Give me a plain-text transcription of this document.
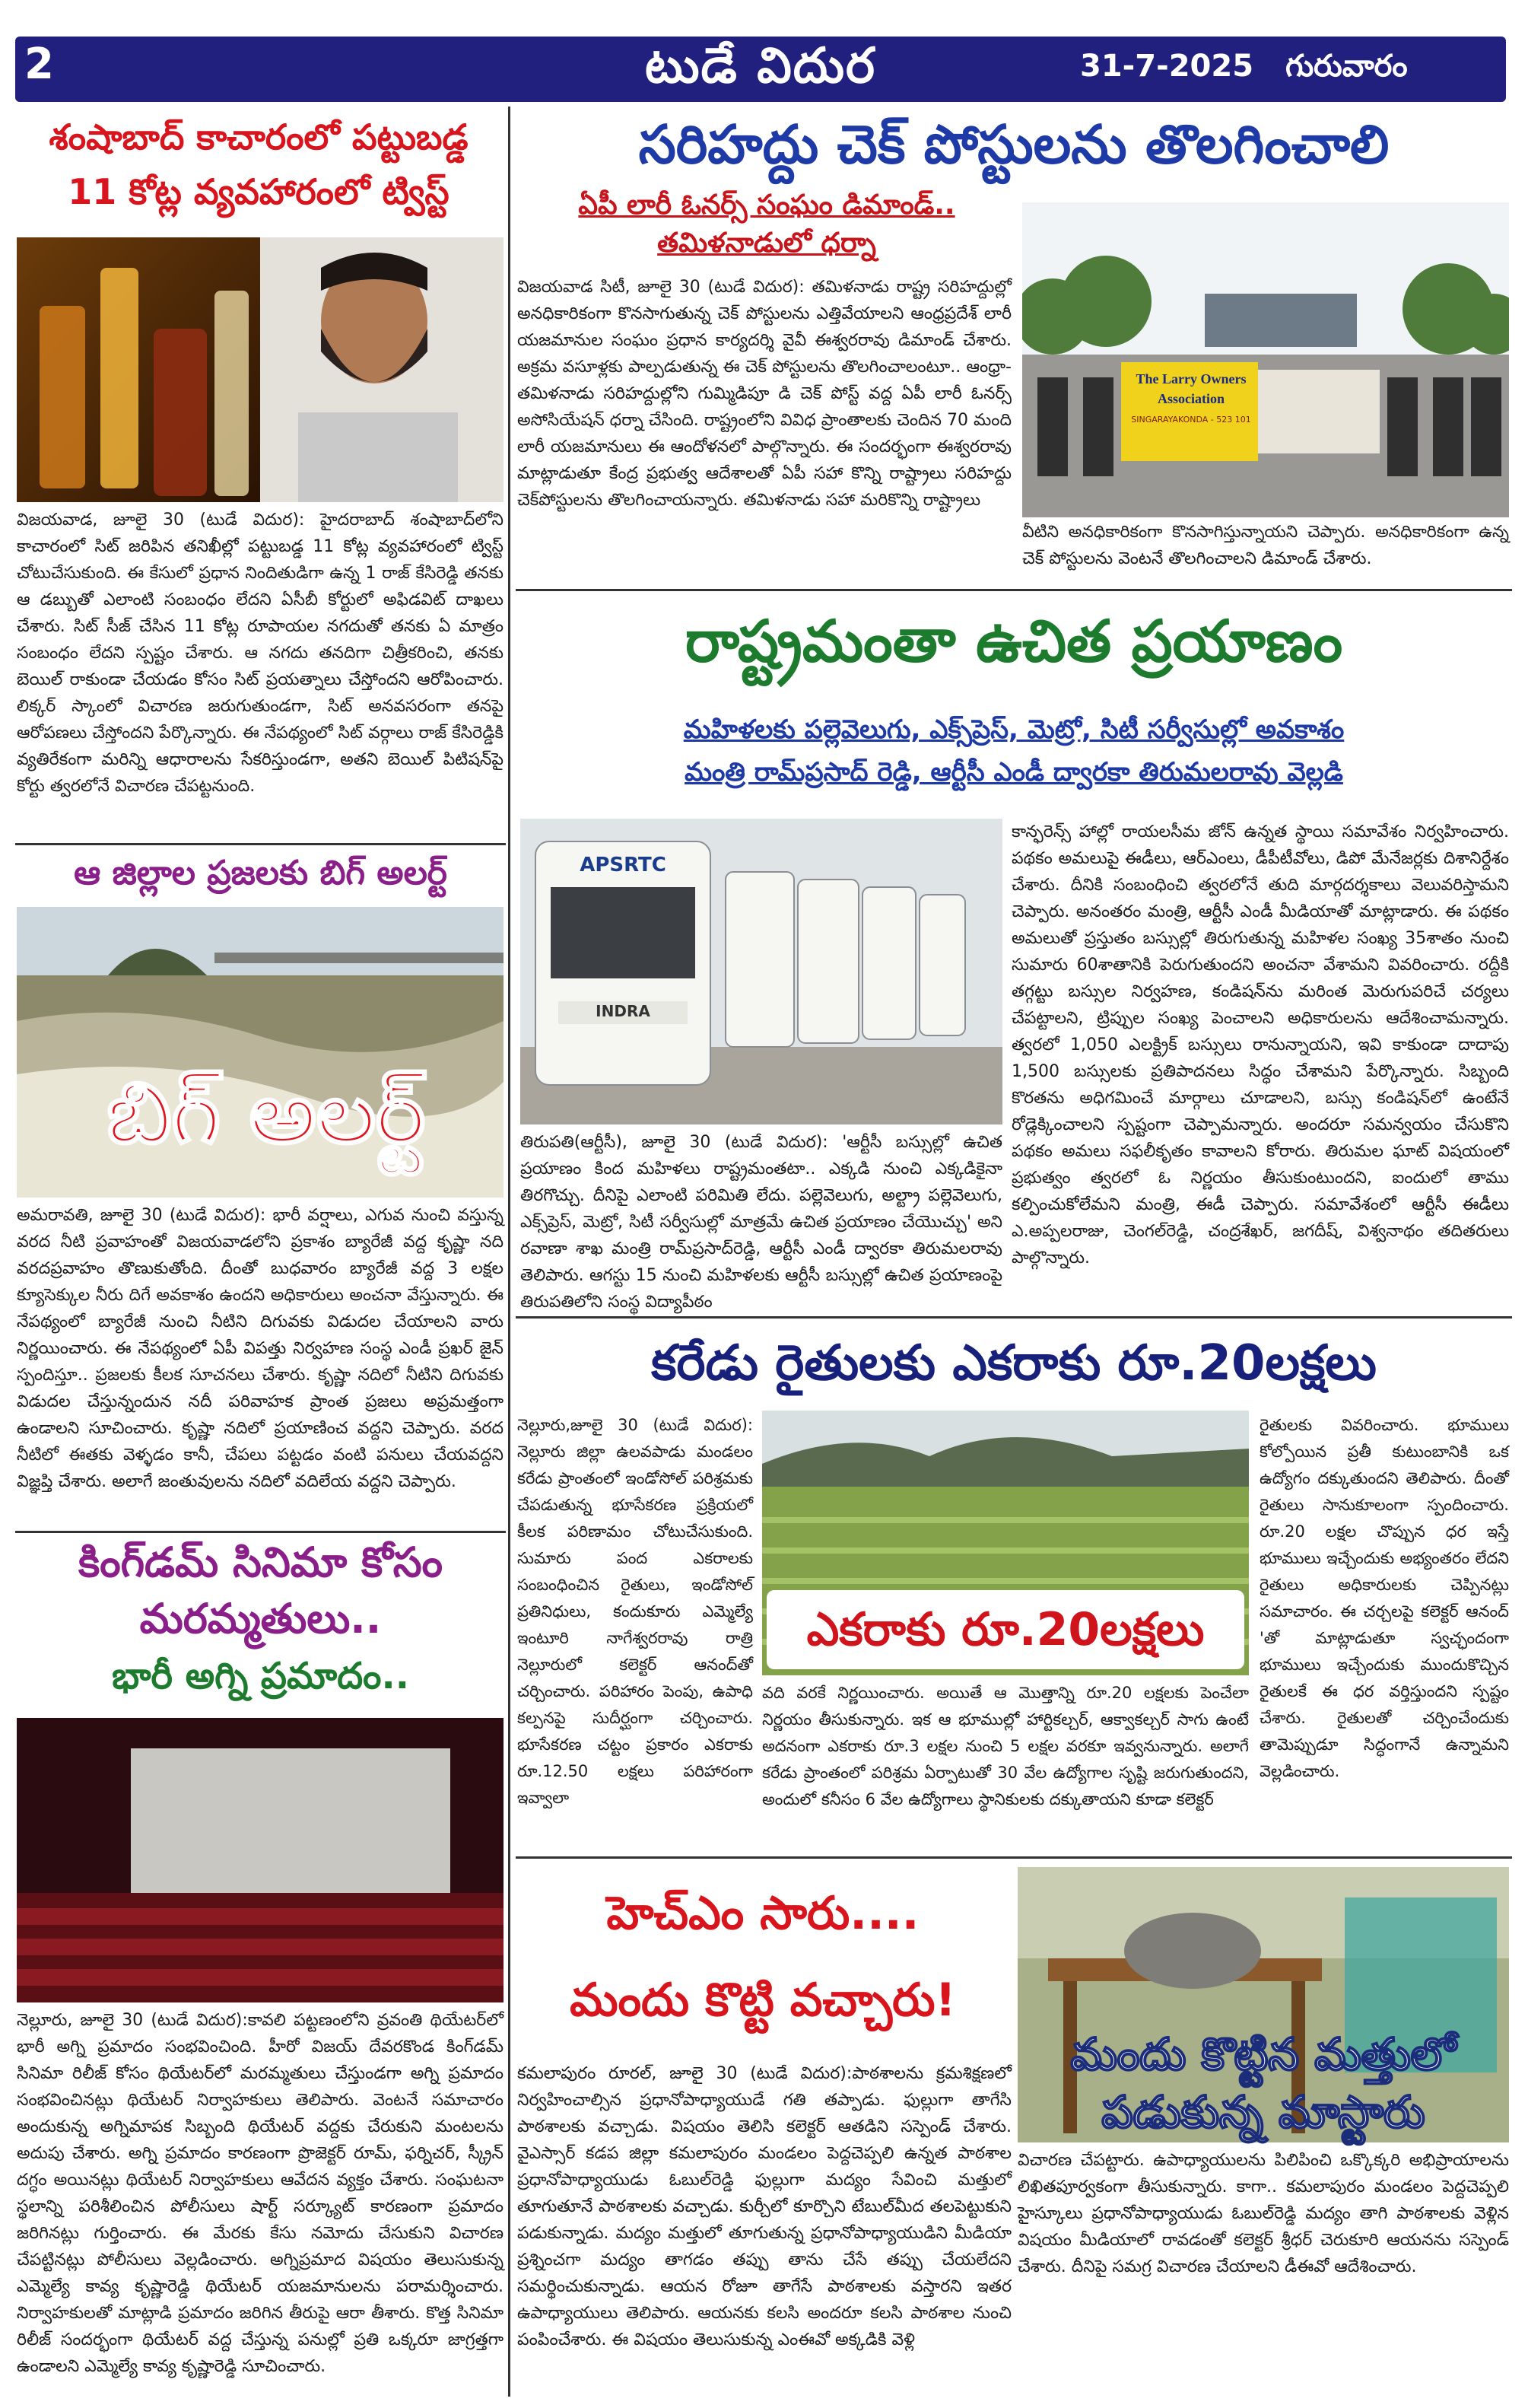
2	టుడే విదుర	31-7-2025 గురువారం
శంషాబాద్ కాచారంలో పట్టుబడ్డ
11 కోట్ల వ్యవహారంలో ట్విస్ట్
విజయవాడ, జూలై 30 (టుడే విదుర): హైదరాబాద్ శంషాబాద్‌లోని కాచారంలో సిట్ జరిపిన తనిఖీల్లో పట్టుబడ్డ 11 కోట్ల వ్యవహారంలో ట్విస్ట్ చోటుచేసుకుంది. ఈ కేసులో ప్రధాన నిందితుడిగా ఉన్న 1 రాజ్ కేసిరెడ్డి తనకు ఆ డబ్బుతో ఎలాంటి సంబంధం లేదని ఏసీబీ కోర్టులో అఫిడవిట్ దాఖలు చేశారు. సిట్ సీజ్ చేసిన 11 కోట్ల రూపాయల నగదుతో తనకు ఏ మాత్రం సంబంధం లేదని స్పష్టం చేశారు. ఆ నగదు తనదిగా చిత్రీకరించి, తనకు బెయిల్ రాకుండా చేయడం కోసం సిట్ ప్రయత్నాలు చేస్తోందని ఆరోపించారు. లిక్కర్ స్కాంలో విచారణ జరుగుతుండగా, సిట్ అనవసరంగా తనపై ఆరోపణలు చేస్తోందని పేర్కొన్నారు. ఈ నేపథ్యంలో సిట్ వర్గాలు రాజ్ కేసిరెడ్డికి వ్యతిరేకంగా మరిన్ని ఆధారాలను సేకరిస్తుండగా, అతని బెయిల్ పిటిషన్‌పై కోర్టు త్వరలోనే విచారణ చేపట్టనుంది.
ఆ జిల్లాల ప్రజలకు బిగ్ అలర్ట్
బిగ్ అలర్ట్
అమరావతి, జూలై 30 (టుడే విదుర): భారీ వర్షాలు, ఎగువ నుంచి వస్తున్న వరద నీటి ప్రవాహంతో విజయవాడలోని ప్రకాశం బ్యారేజీ వద్ద కృష్ణా నది వరదప్రవాహం తొణుకుతోంది. దీంతో బుధవారం బ్యారేజీ వద్ద 3 లక్షల క్యూసెక్కుల నీరు దిగే అవకాశం ఉందని అధికారులు అంచనా వేస్తున్నారు. ఈ నేపథ్యంలో బ్యారేజీ నుంచి నీటిని దిగువకు విడుదల చేయాలని వారు నిర్ణయించారు. ఈ నేపథ్యంలో ఏపీ విపత్తు నిర్వహణ సంస్థ ఎండీ ప్రఖర్ జైన్ స్పందిస్తూ.. ప్రజలకు కీలక సూచనలు చేశారు. కృష్ణా నదిలో నీటిని దిగువకు విడుదల చేస్తున్నందున నదీ పరివాహక ప్రాంత ప్రజలు అప్రమత్తంగా ఉండాలని సూచించారు. కృష్ణా నదిలో ప్రయాణించ వద్దని చెప్పారు. వరద నీటిలో ఈతకు వెళ్ళడం కానీ, చేపలు పట్టడం వంటి పనులు చేయవద్దని విజ్ఞప్తి చేశారు. అలాగే జంతువులను నదిలో వదిలేయ వద్దని చెప్పారు.
కింగ్‌డమ్ సినిమా కోసం
మరమ్మతులు..
భారీ అగ్ని ప్రమాదం..
నెల్లూరు, జూలై 30 (టుడే విదుర):కావలి పట్టణంలోని వ్రవంతి థియేటర్‌లో భారీ అగ్ని ప్రమాదం సంభవించింది. హీరో విజయ్ దేవరకొండ కింగ్‌డమ్ సినిమా రిలీజ్ కోసం థియేటర్‌లో మరమ్మతులు చేస్తుండగా అగ్ని ప్రమాదం సంభవించినట్లు థియేటర్ నిర్వాహకులు తెలిపారు. వెంటనే సమాచారం అందుకున్న అగ్నిమాపక సిబ్బంది థియేటర్ వద్దకు చేరుకుని మంటలను అదుపు చేశారు. అగ్ని ప్రమాదం కారణంగా ప్రొజెక్టర్ రూమ్, ఫర్నిచర్, స్క్రీన్ దగ్ధం అయినట్లు థియేటర్ నిర్వాహకులు ఆవేదన వ్యక్తం చేశారు. సంఘటనా స్థలాన్ని పరిశీలించిన పోలీసులు షార్ట్ సర్క్యూట్ కారణంగా ప్రమాదం జరిగినట్లు గుర్తించారు. ఈ మేరకు కేసు నమోదు చేసుకుని విచారణ చేపట్టినట్లు పోలీసులు వెల్లడించారు. అగ్నిప్రమాద విషయం తెలుసుకున్న ఎమ్మెల్యే కావ్య కృష్ణారెడ్డి థియేటర్ యజమానులను పరామర్శించారు. నిర్వాహకులతో మాట్లాడి ప్రమాదం జరిగిన తీరుపై ఆరా తీశారు. కొత్త సినిమా రిలీజ్ సందర్భంగా థియేటర్ వద్ద చేస్తున్న పనుల్లో ప్రతి ఒక్కరూ జాగ్రత్తగా ఉండాలని ఎమ్మెల్యే కావ్య కృష్ణారెడ్డి సూచించారు.
సరిహద్దు చెక్ పోస్టులను తొలగించాలి
ఏపీ లారీ ఓనర్స్ సంఘం డిమాండ్..
తమిళనాడులో ధర్నా
విజయవాడ సిటీ, జూలై 30 (టుడే విదుర): తమిళనాడు రాష్ట్ర సరిహద్దుల్లో అనధికారికంగా కొనసాగుతున్న చెక్ పోస్టులను ఎత్తివేయాలని ఆంధ్రప్రదేశ్ లారీ యజమానుల సంఘం ప్రధాన కార్యదర్శి వైవీ ఈశ్వరరావు డిమాండ్ చేశారు. అక్రమ వసూళ్లకు పాల్పడుతున్న ఈ చెక్ పోస్టులను తొలగించాలంటూ.. ఆంధ్రా-తమిళనాడు సరిహద్దుల్లోని గుమ్మిడిపూ డి చెక్ పోస్ట్ వద్ద ఏపీ లారీ ఓనర్స్ అసోసియేషన్ ధర్నా చేసింది. రాష్ట్రంలోని వివిధ ప్రాంతాలకు చెందిన 70 మంది లారీ యజమానులు ఈ ఆందోళనలో పాల్గొన్నారు. ఈ సందర్భంగా ఈశ్వరరావు మాట్లాడుతూ కేంద్ర ప్రభుత్వ ఆదేశాలతో ఏపీ సహా కొన్ని రాష్ట్రాలు సరిహద్దు చెక్‌పోస్టులను తొలగించాయన్నారు. తమిళనాడు సహా మరికొన్ని రాష్ట్రాలు
The Larry Owners
Association
SINGARAYAKONDA - 523 101
వీటిని అనధికారికంగా కొనసాగిస్తున్నాయని చెప్పారు. అనధికారికంగా ఉన్న చెక్ పోస్టులను వెంటనే తొలగించాలని డిమాండ్ చేశారు.
రాష్ట్రమంతా ఉచిత ప్రయాణం
మహిళలకు పల్లెవెలుగు, ఎక్స్‌ప్రెస్, మెట్రో, సిటీ సర్వీసుల్లో అవకాశం
మంత్రి రామ్‌ప్రసాద్ రెడ్డి, ఆర్టీసీ ఎండీ ద్వారకా తిరుమలరావు వెల్లడి
APSRTC
INDRA
తిరుపతి(ఆర్టీసీ), జూలై 30 (టుడే విదుర): 'ఆర్టీసీ బస్సుల్లో ఉచిత ప్రయాణం కింద మహిళలు రాష్ట్రమంతటా.. ఎక్కడి నుంచి ఎక్కడికైనా తిరగొచ్చు. దీనిపై ఎలాంటి పరిమితి లేదు. పల్లెవెలుగు, అల్ట్రా పల్లెవెలుగు, ఎక్స్‌ప్రెస్, మెట్రో, సిటీ సర్వీసుల్లో మాత్రమే ఉచిత ప్రయాణం చేయొచ్చు' అని రవాణా శాఖ మంత్రి రామ్‌ప్రసాద్‌రెడ్డి, ఆర్టీసీ ఎండీ ద్వారకా తిరుమలరావు తెలిపారు. ఆగస్టు 15 నుంచి మహిళలకు ఆర్టీసీ బస్సుల్లో ఉచిత ప్రయాణంపై తిరుపతిలోని సంస్థ విద్యాపీఠం
కాన్ఫరెన్స్ హాల్లో రాయలసీమ జోన్ ఉన్నత స్థాయి సమావేశం నిర్వహించారు. పథకం అమలుపై ఈడీలు, ఆర్ఎంలు, డీపీటీవోలు, డిపో మేనేజర్లకు దిశానిర్దేశం చేశారు. దీనికి సంబంధించి త్వరలోనే తుది మార్గదర్శకాలు వెలువరిస్తామని చెప్పారు. అనంతరం మంత్రి, ఆర్టీసీ ఎండీ మీడియాతో మాట్లాడారు. ఈ పథకం అమలుతో ప్రస్తుతం బస్సుల్లో తిరుగుతున్న మహిళల సంఖ్య 35శాతం నుంచి సుమారు 60శాతానికి పెరుగుతుందని అంచనా వేశామని వివరించారు. రద్దీకి తగ్గట్టు బస్సుల నిర్వహణ, కండిషన్‌ను మరింత మెరుగుపరిచే చర్యలు చేపట్టాలని, ట్రిప్పుల సంఖ్య పెంచాలని అధికారులను ఆదేశించామన్నారు. త్వరలో 1,050 ఎలక్ట్రిక్ బస్సులు రానున్నాయని, ఇవి కాకుండా దాదాపు 1,500 బస్సులకు ప్రతిపాదనలు సిద్ధం చేశామని పేర్కొన్నారు. సిబ్బంది కొరతను అధిగమించే మార్గాలు చూడాలని, బస్సు కండిషన్‌లో ఉంటేనే రోడ్లెక్కించాలని స్పష్టంగా చెప్పామన్నారు. అందరూ సమన్వయం చేసుకొని పథకం అమలు సఫలీకృతం కావాలని కోరారు. తిరుమల ఘాట్ విషయంలో ప్రభుత్వం త్వరలో ఓ నిర్ణయం తీసుకుంటుందని, ఐందులో తాము కల్పించుకోలేమని మంత్రి, ఈడీ చెప్పారు. సమావేశంలో ఆర్టీసీ ఈడీలు ఎ.అప్పలరాజు, చెంగల్‌రెడ్డి, చంద్రశేఖర్, జగదీష్, విశ్వనాథం తదితరులు పాల్గొన్నారు.
కరేడు రైతులకు ఎకరాకు రూ.20లక్షలు
నెల్లూరు,జూలై 30 (టుడే విదుర): నెల్లూరు జిల్లా ఉలవపాడు మండలం కరేడు ప్రాంతంలో ఇండోసోల్ పరిశ్రమకు చేపడుతున్న భూసేకరణ ప్రక్రియలో కీలక పరిణామం చోటుచేసుకుంది. సుమారు పంద ఎకరాలకు సంబంధించిన రైతులు, ఇండోసోల్ ప్రతినిధులు, కందుకూరు ఎమ్మెల్యే ఇంటూరి నాగేశ్వరరావు రాత్రి నెల్లూరులో కలెక్టర్ ఆనంద్‌తో చర్చించారు. పరిహారం పెంపు, ఉపాధి కల్పనపై సుదీర్ఘంగా చర్చించారు. భూసేకరణ చట్టం ప్రకారం ఎకరాకు రూ.12.50 లక్షలు పరిహారంగా ఇవ్వాలా
ఎకరాకు రూ.20లక్షలు
వది వరకే నిర్ణయించారు. అయితే ఆ మొత్తాన్ని రూ.20 లక్షలకు పెంచేలా నిర్ణయం తీసుకున్నారు. ఇక ఆ భూముల్లో హార్టికల్చర్, ఆక్వాకల్చర్ సాగు ఉంటే అదనంగా ఎకరాకు రూ.3 లక్షల నుంచి 5 లక్షల వరకూ ఇవ్వనున్నారు. అలాగే కరేడు ప్రాంతంలో పరిశ్రమ ఏర్పాటుతో 30 వేల ఉద్యోగాల సృష్టి జరుగుతుందని, అందులో కనీసం 6 వేల ఉద్యోగాలు స్థానికులకు దక్కుతాయని కూడా కలెక్టర్
రైతులకు వివరించారు. భూములు కోల్పోయిన ప్రతీ కుటుంబానికి ఒక ఉద్యోగం దక్కుతుందని తెలిపారు. దీంతో రైతులు సానుకూలంగా స్పందించారు. రూ.20 లక్షల చొప్పున ధర ఇస్తే భూములు ఇచ్చేందుకు అభ్యంతరం లేదని రైతులు అధికారులకు చెప్పినట్లు సమాచారం. ఈ చర్చలపై కలెక్టర్ ఆనంద్ 'తో మాట్లాడుతూ స్వచ్ఛందంగా భూములు ఇచ్చేందుకు ముందుకొచ్చిన రైతులకే ఈ ధర వర్తిస్తుందని స్పష్టం చేశారు. రైతులతో చర్చించేందుకు తామెప్పుడూ సిద్ధంగానే ఉన్నామని వెల్లడించారు.
హెచ్ఎం సారు....
మందు కొట్టి వచ్చారు!
మందు కొట్టిన మత్తులో
పడుకున్న మాస్టారు
కమలాపురం రూరల్, జూలై 30 (టుడే విదుర):పాఠశాలను క్రమశిక్షణలో నిర్వహించాల్సిన ప్రధానోపాధ్యాయుడే గతి తప్పాడు. ఫుల్లుగా తాగేసి పాఠశాలకు వచ్చాడు. విషయం తెలిసి కలెక్టర్ ఆతడిని సస్పెండ్ చేశారు. వైఎస్సార్ కడప జిల్లా కమలాపురం మండలం పెద్దచెప్పలి ఉన్నత పాఠశాల ప్రధానోపాధ్యాయుడు ఓబుల్‌రెడ్డి ఫుల్లుగా మద్యం సేవించి మత్తులో తూగుతూనే పాఠశాలకు వచ్చాడు. కుర్చీలో కూర్చొని టేబుల్‌మీద తలపెట్టుకుని పడుకున్నాడు. మద్యం మత్తులో తూగుతున్న ప్రధానోపాధ్యాయుడిని మీడియా ప్రశ్నించగా మద్యం తాగడం తప్పు తాను చేసే తప్పు చేయలేదని సమర్థించుకున్నాడు. ఆయన రోజూ తాగేసే పాఠశాలకు వస్తారని ఇతర ఉపాధ్యాయులు తెలిపారు. ఆయనకు కలసి అందరూ కలసి పాఠశాల నుంచి పంపించేశారు. ఈ విషయం తెలుసుకున్న ఎంఈవో అక్కడికి వెళ్లి
విచారణ చేపట్టారు. ఉపాధ్యాయులను పిలిపించి ఒక్కొక్కరి అభిప్రాయాలను లిఖితపూర్వకంగా తీసుకున్నారు. కాగా.. కమలాపురం మండలం పెద్దచెప్పలి హైస్కూలు ప్రధానోపాధ్యాయుడు ఓబుల్‌రెడ్డి మద్యం తాగి పాఠశాలకు వెళ్లిన విషయం మీడియాలో రావడంతో కలెక్టర్ శ్రీధర్ చెరుకూరి ఆయనను సస్పెండ్ చేశారు. దీనిపై సమగ్ర విచారణ చేయాలని డీఈవో ఆదేశించారు.
